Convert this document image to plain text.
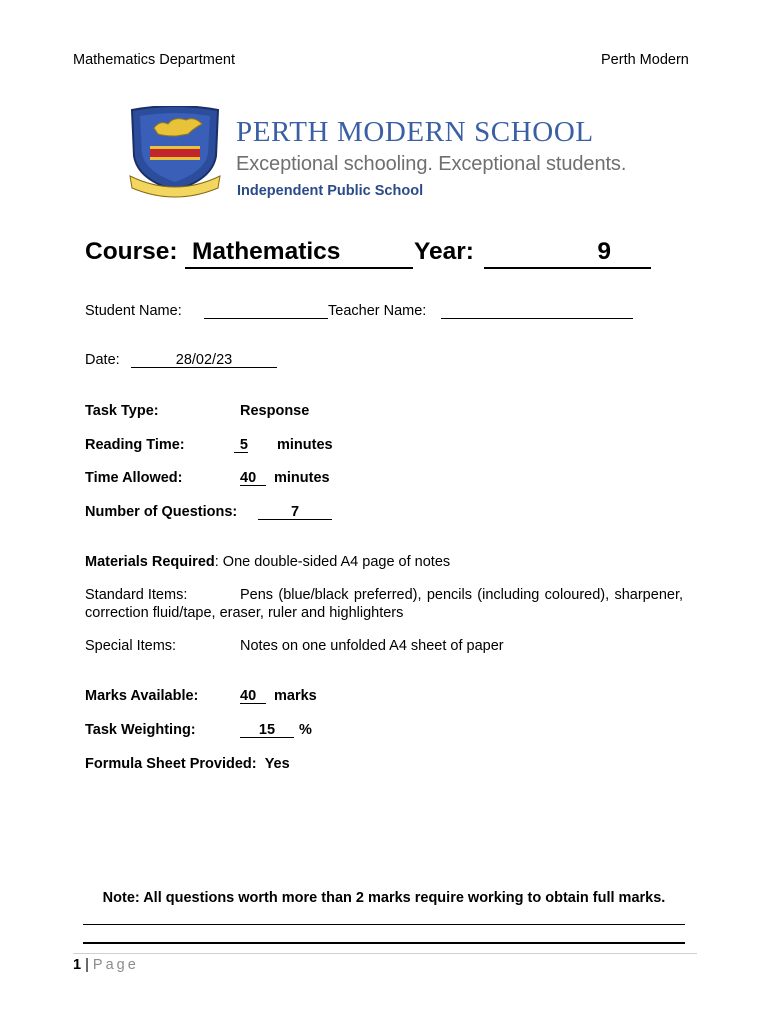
Mathematics Department	Perth Modern
PERTH MODERN SCHOOL
Exceptional schooling. Exceptional students.
Independent Public School
Course: Mathematics	Year:	9
Student Name:	Teacher Name:
Date:	28/02/23
Task Type:	Response
Reading Time:	5 minutes
Time Allowed:	40	minutes
Number of Questions:	7
Materials Required: One double-sided A4 page of notes
Standard Items:	Pens (blue/black preferred), pencils (including coloured), sharpener, correction fluid/tape, eraser, ruler and highlighters
Special Items:	Notes on one unfolded A4 sheet of paper
Marks Available:	40	marks
Task Weighting:	15	%
Formula Sheet Provided: Yes
Note: All questions worth more than 2 marks require working to obtain full marks.
1 | Page
